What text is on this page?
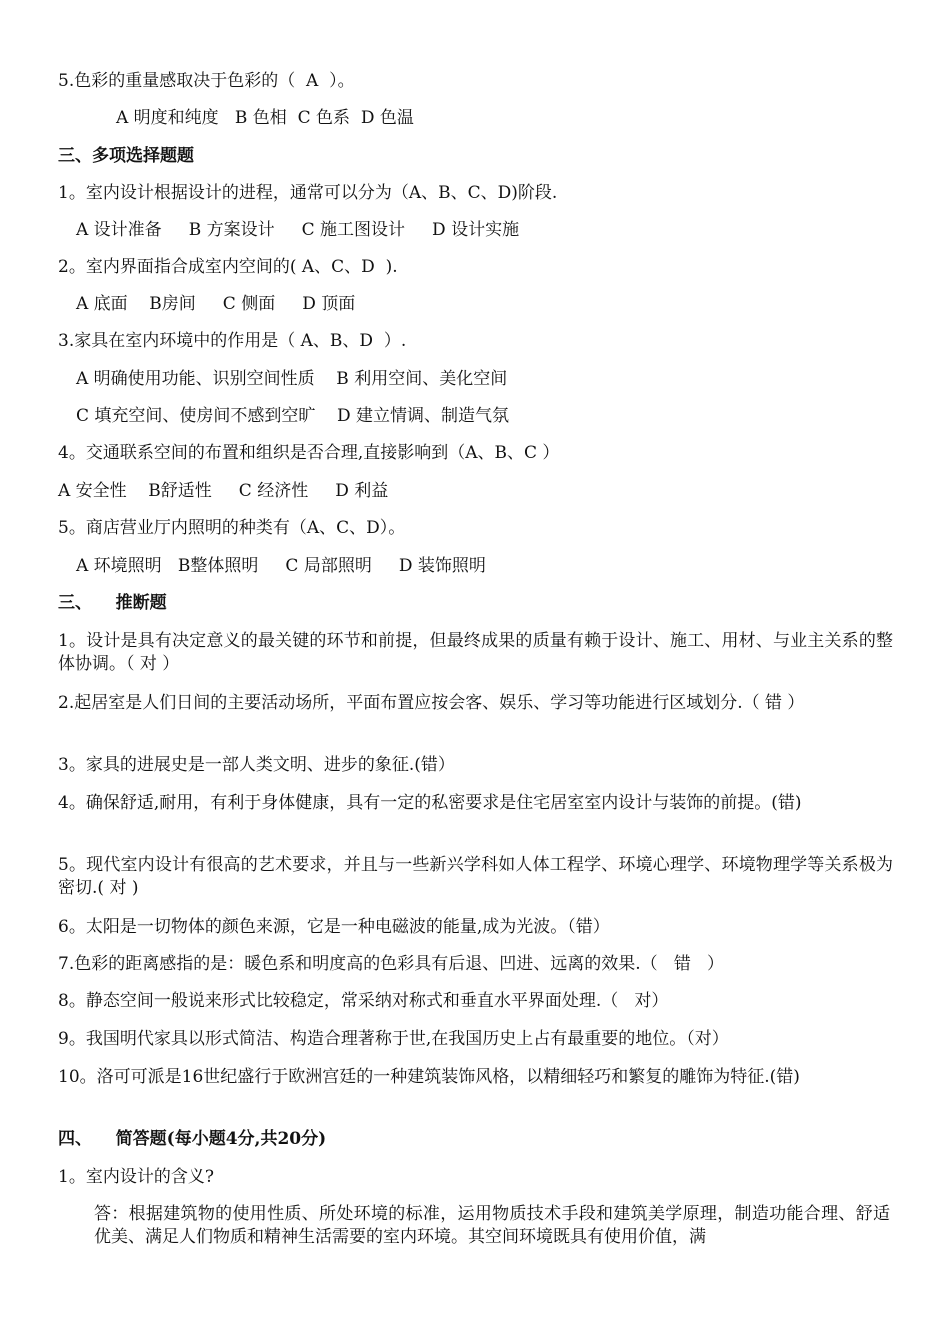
5.色彩的重量感取决于色彩的（  A  ）。
A 明度和纯度   B 色相  C 色系  D 色温
三、多项选择题题
1。室内设计根据设计的进程，通常可以分为（A、B、C、D)阶段.
A 设计准备     B 方案设计     C 施工图设计     D 设计实施
2。室内界面指合成室内空间的( A、C、D  ).
A 底面    B房间     C 侧面     D 顶面
3.家具在室内环境中的作用是（ A、B、D  ）.
A 明确使用功能、识别空间性质    B 利用空间、美化空间
C 填充空间、使房间不感到空旷    D 建立情调、制造气氛
4。交通联系空间的布置和组织是否合理,直接影响到（A、B、C ）
A 安全性    B舒适性     C 经济性     D 利益
5。商店营业厅内照明的种类有（A、C、D）。
A 环境照明   B整体照明     C 局部照明     D 装饰照明
三、    推断题
1。设计是具有决定意义的最关键的环节和前提，但最终成果的质量有赖于设计、施工、用材、与业主关系的整体协调。（ 对 ）
2.起居室是人们日间的主要活动场所，平面布置应按会客、娱乐、学习等功能进行区域划分.（ 错 ）
3。家具的进展史是一部人类文明、进步的象征.(错）
4。确保舒适,耐用，有利于身体健康，具有一定的私密要求是住宅居室室内设计与装饰的前提。(错)
5。现代室内设计有很高的艺术要求，并且与一些新兴学科如人体工程学、环境心理学、环境物理学等关系极为密切.( 对 )
6。太阳是一切物体的颜色来源，它是一种电磁波的能量,成为光波。（错）
7.色彩的距离感指的是：暖色系和明度高的色彩具有后退、凹进、远离的效果.（   错   ）
8。静态空间一般说来形式比较稳定，常采纳对称式和垂直水平界面处理.（   对）
9。我国明代家具以形式简洁、构造合理著称于世,在我国历史上占有最重要的地位。（对）
10。洛可可派是16世纪盛行于欧洲宫廷的一种建筑装饰风格，以精细轻巧和繁复的雕饰为特征.(错)
四、    简答题(每小题4分,共20分)
1。室内设计的含义?
答：根据建筑物的使用性质、所处环境的标准，运用物质技术手段和建筑美学原理，制造功能合理、舒适优美、满足人们物质和精神生活需要的室内环境。其空间环境既具有使用价值，满
